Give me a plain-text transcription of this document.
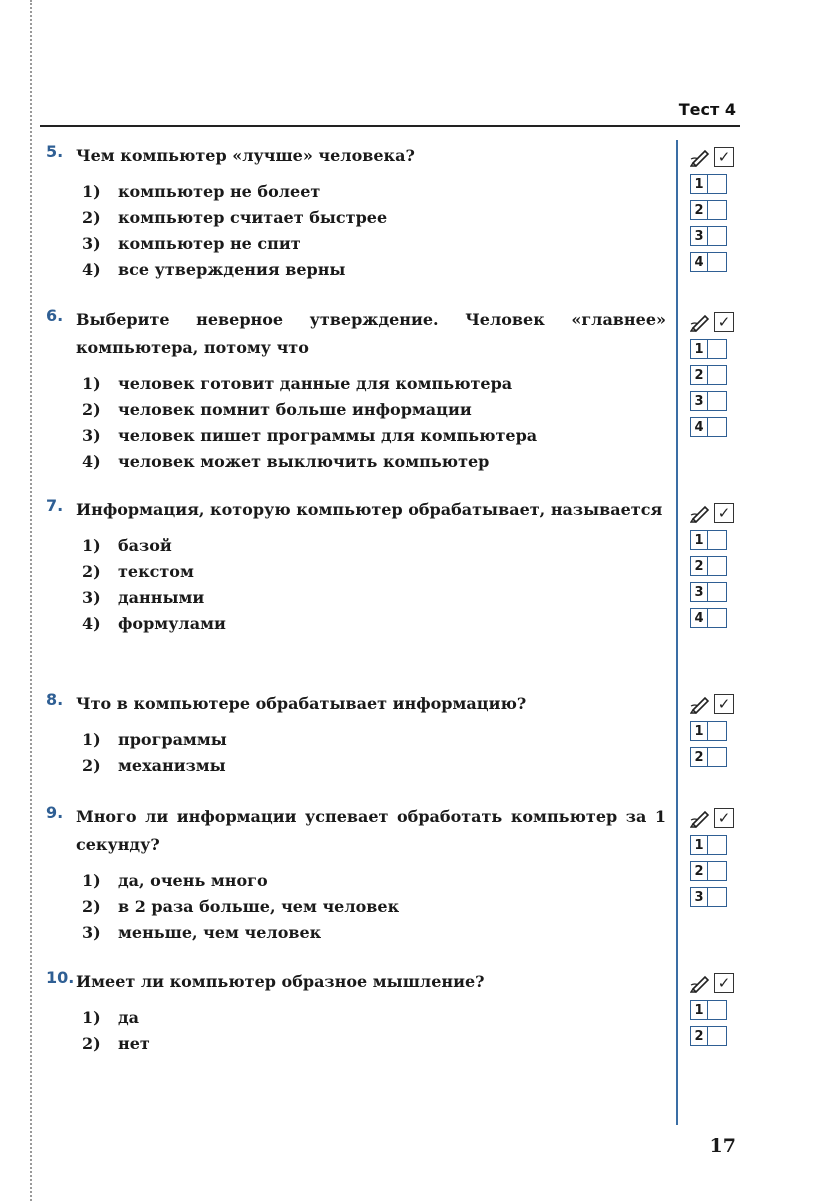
Тест 4
5. Чем компьютер «лучше» человека?
1)	компьютер не болеет
2)	компьютер считает быстрее
3)	компьютер не спит
4)	все утверждения верны
6. Выберите неверное утверждение. Человек «главнее» компьютера, потому что
1)	человек готовит данные для компьютера
2)	человек помнит больше информации
3)	человек пишет программы для компьютера
4)	человек может выключить компьютер
7. Информация, которую компьютер обрабатывает, называется
1)	базой
2)	текстом
3)	данными
4)	формулами
8. Что в компьютере обрабатывает информацию?
1)	программы
2)	механизмы
9. Много ли информации успевает обработать компьютер за 1 секунду?
1)	да, очень много
2)	в 2 раза больше, чем человек
3)	меньше, чем человек
10. Имеет ли компьютер образное мышление?
1)	да
2)	нет
✓
1
2
3
4
✓
1
2
3
4
✓
1
2
3
4
✓
1
2
✓
1
2
3
✓
1
2
17
